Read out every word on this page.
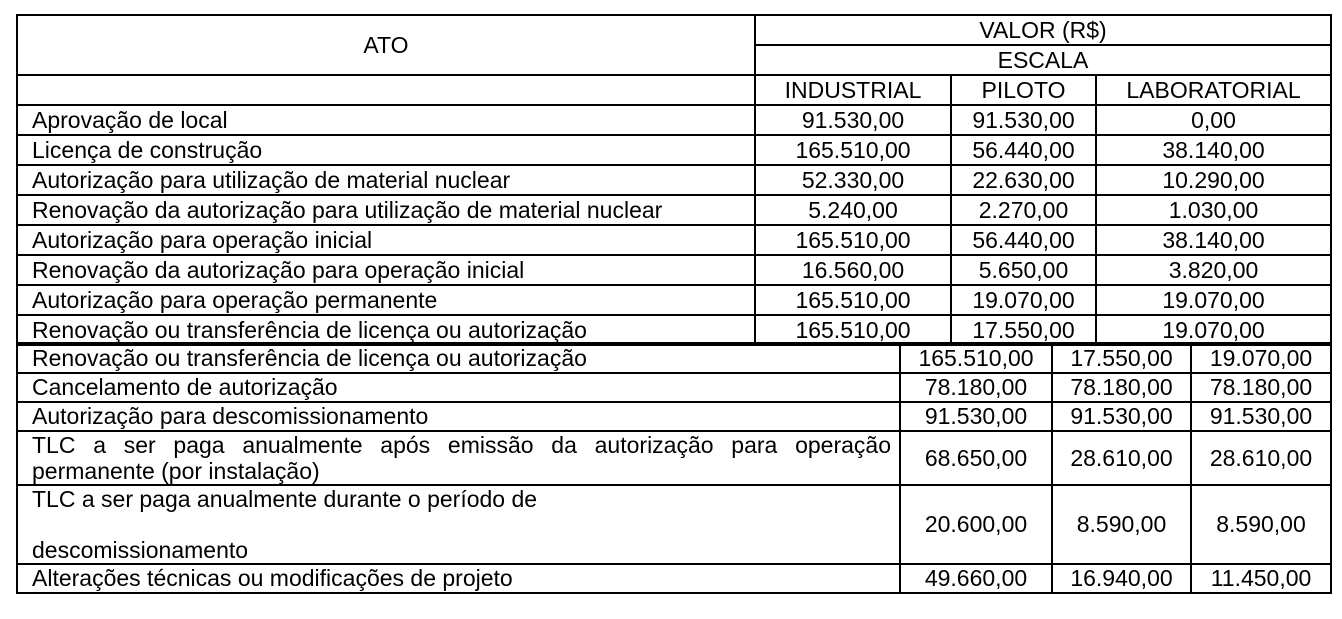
ATO	VALOR (R$)		
	ESCALA		
	INDUSTRIAL	PILOTO	LABORATORIAL
Aprovação de local	91.530,00	91.530,00	0,00
Licença de construção	165.510,00	56.440,00	38.140,00
Autorização para utilização de material nuclear	52.330,00	22.630,00	10.290,00
Renovação da autorização para utilização de material nuclear	5.240,00	2.270,00	1.030,00
Autorização para operação inicial	165.510,00	56.440,00	38.140,00
Renovação da autorização para operação inicial	16.560,00	5.650,00	3.820,00
Autorização para operação permanente	165.510,00	19.070,00	19.070,00
Renovação ou transferência de licença ou autorização	165.510,00	17.550,00	19.070,00
Renovação ou transferência de licença ou autorização	165.510,00	17.550,00	19.070,00
Cancelamento de autorização	78.180,00	78.180,00	78.180,00
Autorização para descomissionamento	91.530,00	91.530,00	91.530,00
TLC a ser paga anualmente após emissão da autorização para operação permanente (por instalação)	68.650,00	28.610,00	28.610,00
TLC a ser paga anualmente durante o período de
descomissionamento	20.600,00	8.590,00	8.590,00
Alterações técnicas ou modificações de projeto	49.660,00	16.940,00	11.450,00
